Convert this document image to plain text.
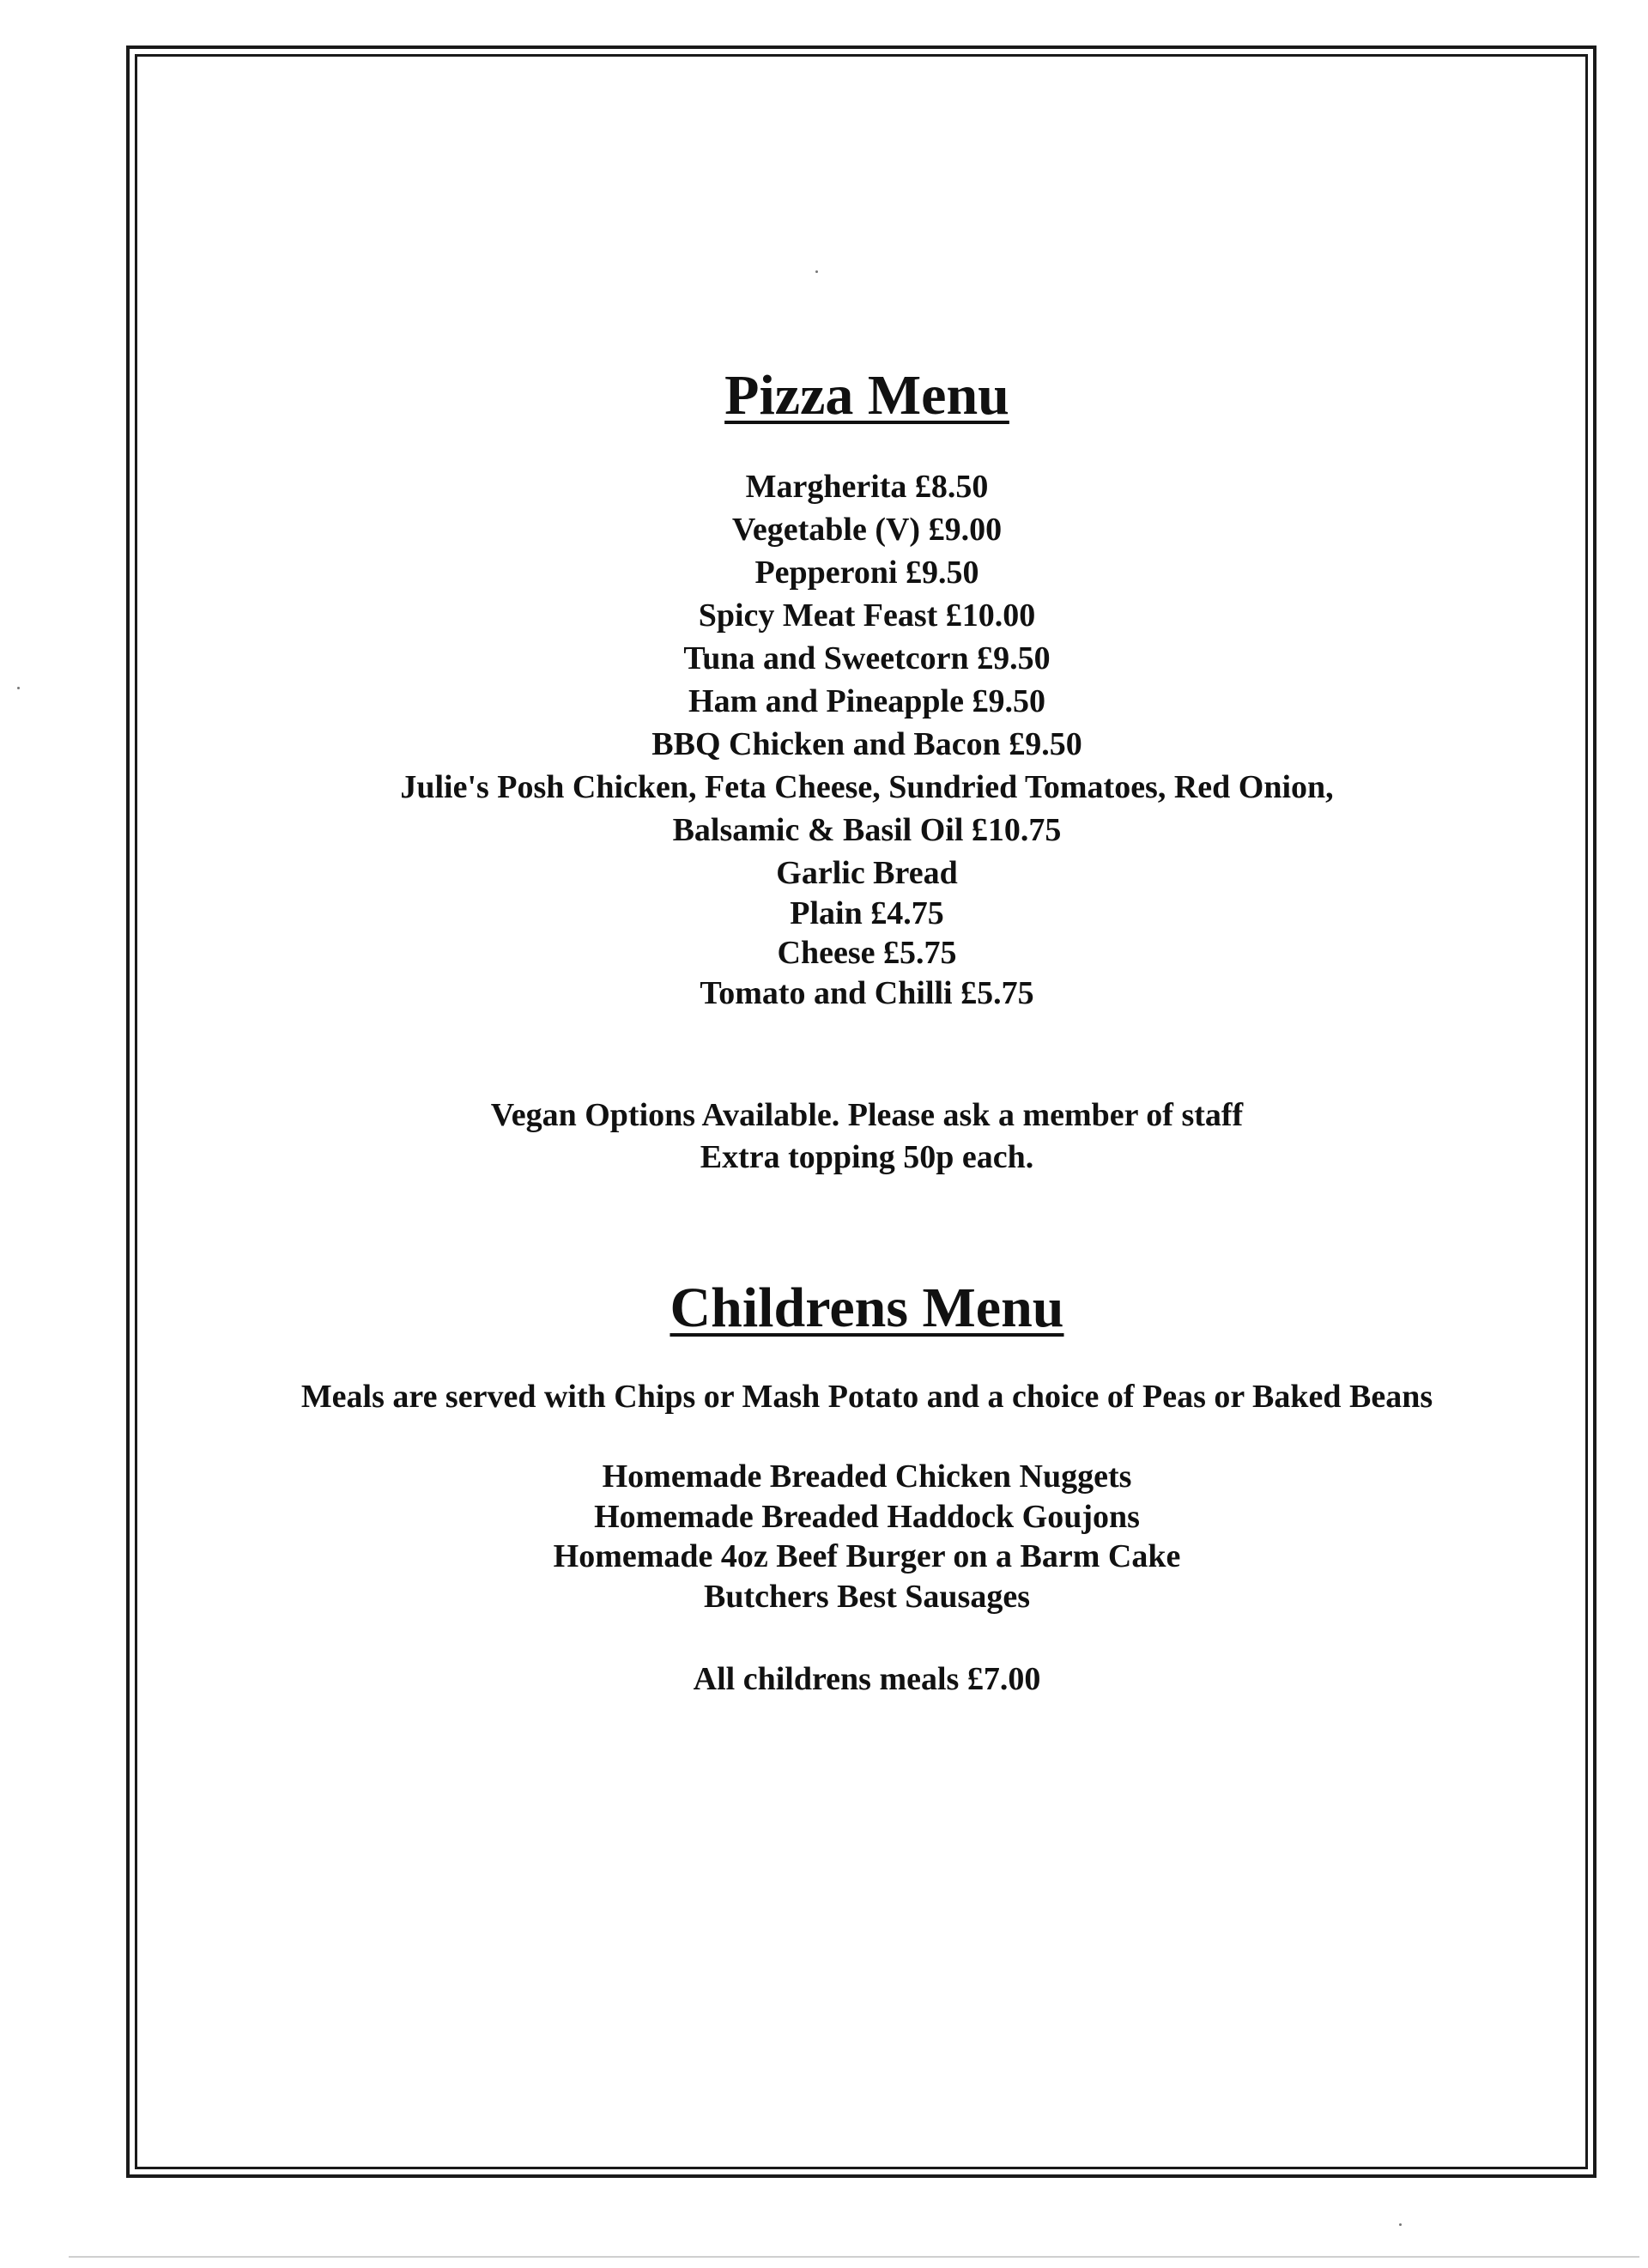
Pizza Menu
Margherita £8.50
Vegetable (V) £9.00
Pepperoni £9.50
Spicy Meat Feast £10.00
Tuna and Sweetcorn £9.50
Ham and Pineapple £9.50
BBQ Chicken and Bacon £9.50
Julie's Posh Chicken, Feta Cheese, Sundried Tomatoes, Red Onion,
Balsamic & Basil Oil £10.75
Garlic Bread
Plain £4.75
Cheese £5.75
Tomato and Chilli £5.75
Vegan Options Available. Please ask a member of staff
Extra topping 50p each.
Childrens Menu

Meals are served with Chips or Mash Potato and a choice of Peas or Baked Beans

Homemade Breaded Chicken Nuggets
Homemade Breaded Haddock Goujons
Homemade 4oz Beef Burger on a Barm Cake
Butchers Best Sausages

All childrens meals £7.00
